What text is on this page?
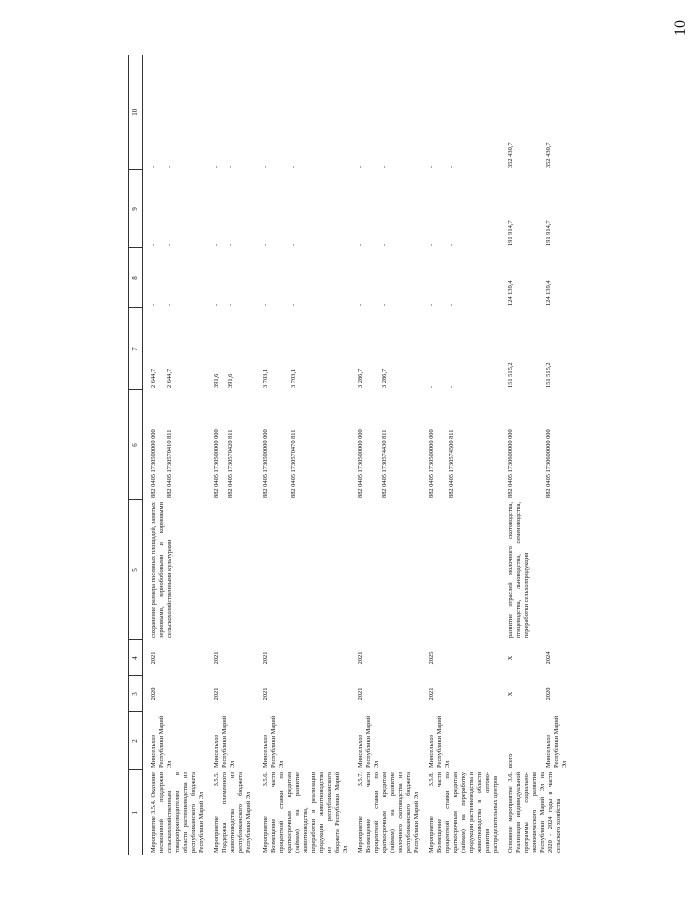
10
1	2	3	4	5	6	7	8	9	10
Мероприятие 3.5.4. Оказание несвязанной поддержки сельскохозяйственным товаропроизводителям в области растениеводства из республиканского бюджета Республики Марий Эл	Минсельхоз Республики Марий Эл	2020	2021	сохранение размера посевных площадей, занятых зерновыми, зернобобовыми и кормовыми сельскохозяйственными культурами	882 0405 1730500000 000	2 644,7	-	-	-
					882 0405 1730570410 811	2 644,7	-	-	-
Мероприятие 3.5.5. Поддержка племенного животноводства из республиканского бюджета Республики Марий Эл	Минсельхоз Республики Марий Эл	2021	2021		882 0405 1730500000 000	391,6	-	-	-
					882 0405 1730570420 811	391,6	-	-	-
Мероприятие 3.5.6. Возмещение части процентной ставки по краткосрочным кредитам (займам) на развитие животноводства, переработки и реализации продукции животноводства из республиканского бюджета Республики Марий Эл	Минсельхоз Республики Марий Эл	2021	2021		882 0405 1730500000 000	3 703,1	-	-	-
					882 0405 1730570470 811	3 703,1	-	-	-
Мероприятие 3.5.7. Возмещение части процентной ставки по краткосрочным кредитам (займам) на развитие молочного скотоводства из республиканского бюджета Республики Марий Эл	Минсельхоз Республики Марий Эл	2021	2021		882 0405 1730500000 000	3 286,7	-	-	-
					882 0405 1730574430 811	3 286,7	-	-	-
Мероприятие 3.5.8. Возмещение части процентной ставки по краткосрочным кредитам (займам) на переработку продукции растениеводства и животноводства в области развития оптово-распределительных центров	Минсельхоз Республики Марий Эл	2021	2025		882 0405 1730500000 000	-	-	-	-
					882 0405 1730574500 811	-	-	-	-
Основное мероприятие 3.6. Реализация индивидуальной программы социально-экономического развития Республики Марий Эл на 2020 - 2024 годы в части сельского хозяйства	всего	X	X	развитие отраслей молочного скотоводства, птицеводства, льноводства, семеноводства, переработки сельхозпродукции	882 0405 1730600000 000	151 515,2	124 139,4	191 914,7	352 430,7
	Минсельхоз Республики Марий Эл	2020	2024		882 0405 1730600000 000	151 515,2	124 139,4	191 914,7	352 430,7
